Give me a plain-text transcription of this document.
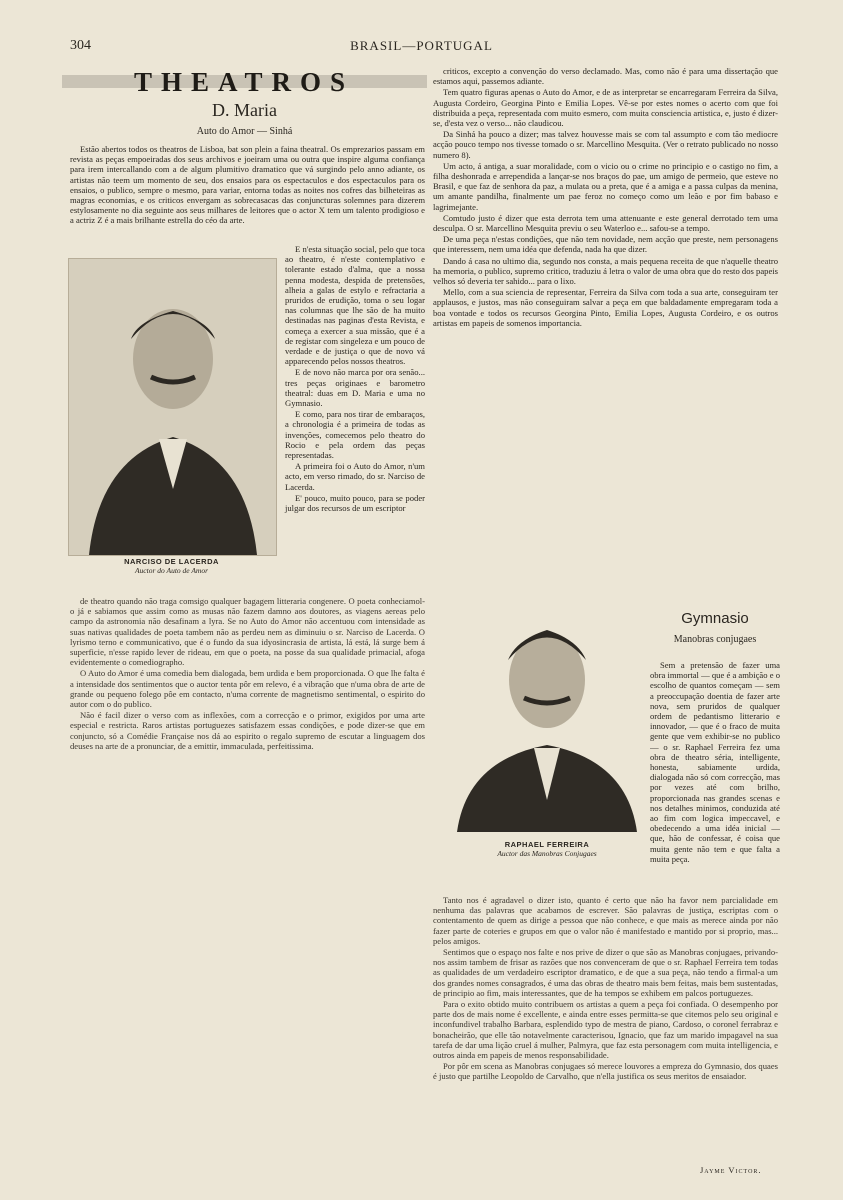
304	BRASIL—PORTUGAL
THEATROS
D. Maria
Auto do Amor — Sinhá

Estão abertos todos os theatros de Lisboa, bat son plein a faina theatral. Os emprezarios passam em revista as peças empoeiradas dos seus archivos e joeiram uma ou outra que inspire alguma confiança para irem intercallando com a de algum plumitivo dramatico que vá surgindo pelo anno adiante, os artistas não teem um momento de seu, dos ensaios para os espectaculos e dos espectaculos para os ensaios, o publico, sempre o mesmo, para variar, entorna todas as noites nos cofres das bilheteiras as magras economias, e os criticos envergam as sobrecasacas das conjuncturas solemnes para dizerem estylosamente no dia seguinte aos seus milhares de leitores que o actor X tem um talento prodigioso e a actriz Z é a mais brilhante estrella do céo da arte.

NARCISO DE LACERDA
Auctor do Auto de Amor

E n'esta situação social, pelo que toca ao theatro, é n'este contemplativo e tolerante estado d'alma, que a nossa penna modesta, despida de pretensões, alheia a galas de estylo e refractaria a pruridos de erudição, toma o seu logar nas columnas que lhe são de ha muito destinadas nas paginas d'esta Revista, e começa a exercer a sua missão, que é a de registar com singeleza e um pouco de verdade e de justiça o que de novo vá apparecendo pelos nossos theatros.

E de novo não marca por ora senão... tres peças originaes e barometro theatral: duas em D. Maria e uma no Gymnasio.

E como, para nos tirar de embaraços, a chronologia é a primeira de todas as invenções, comecemos pelo theatro do Rocio e pela ordem das peças representadas.

A primeira foi o Auto do Amor, n'um acto, em verso rimado, do sr. Narciso de Lacerda.

E' pouco, muito pouco, para se poder julgar dos recursos de um escriptor

de theatro quando não traga comsigo qualquer bagagem litteraria congenere. O poeta conheciamol-o já e sabiamos que assim como as musas não fazem damno aos doutores, as viagens aereas pelo campo da astronomia não desafinam a lyra. Se no Auto do Amor não accentuou com intensidade as suas nativas qualidades de poeta tambem não as perdeu nem as diminuiu o sr. Narciso de Lacerda. O lyrismo terno e communicativo, que é o fundo da sua idyosincrasia de artista, lá está, lá surge bem á superficie, n'esse rapido lever de rideau, em que o poeta, na posse da sua qualidade primacial, afoga evidentemente o comediographo.

O Auto do Amor é uma comedia bem dialogada, bem urdida e bem proporcionada. O que lhe falta é a intensidade dos sentimentos que o auctor tenta pôr em relevo, é a vibração que n'uma obra de arte de grande ou pequeno folego pôe em contacto, n'uma corrente de magnetismo sentimental, o espirito do autor com o do publico.

Não é facil dizer o verso com as inflexões, com a correcção e o primor, exigidos por uma arte especial e restricta. Raros artistas portuguezes satisfazem essas condições, e pode dizer-se que em conjuncto, só a Comédie Française nos dá ao espirito o regalo supremo de escutar a linguagem dos deuses na arte de a pronunciar, de a emittir, immaculada, perfeitissima.

criticos, excepto a convenção do verso declamado. Mas, como não é para uma dissertação que estamos aqui, passemos adiante.

Tem quatro figuras apenas o Auto do Amor, e de as interpretar se encarregaram Ferreira da Silva, Augusta Cordeiro, Georgina Pinto e Emilia Lopes. Vê-se por estes nomes o acerto com que foi distribuida a peça, representada com muito esmero, com muita consciencia artistica, e, justo é dizer-se, d'esta vez o verso... não claudicou.

Da Sinhá ha pouco a dizer; mas talvez houvesse mais se com tal assumpto e com tão mediocre acção pouco tempo nos tivesse tomado o sr. Marcellino Mesquita. (Ver o retrato publicado no nosso numero 8).

Um acto, á antiga, a suar moralidade, com o vicio ou o crime no principio e o castigo no fim, a filha deshonrada e arrependida a lançar-se nos braços do pae, um amigo de permeio, que esteve no Brasil, e que faz de senhora da paz, a mulata ou a preta, que é a amiga e a passa culpas da menina, um amante pandilha, finalmente um pae feroz no começo como um leão e por fim babaso e lagrimejante.

Comtudo justo é dizer que esta derrota tem uma attenuante e este general derrotado tem uma desculpa. O sr. Marcellino Mesquita previu o seu Waterloo e... safou-se a tempo.

De uma peça n'estas condições, que não tem novidade, nem acção que preste, nem personagens que interessem, nem uma idéa que defenda, nada ha que dizer.

Dando á casa no ultimo dia, segundo nos consta, a mais pequena receita de que n'aquelle theatro ha memoria, o publico, supremo critico, traduziu á letra o valor de uma obra que do resto dos papeis velhos só deveria ter sahido... para o lixo.

Mello, com a sua sciencia de representar, Ferreira da Silva com toda a sua arte, conseguiram ter applausos, e justos, mas não conseguiram salvar a peça em que baldadamente empregaram toda a boa vontade e todos os recursos Georgina Pinto, Emilia Lopes, Augusta Cordeiro, e os outros artistas em papeis de somenos importancia.

Gymnasio
Manobras conjugaes
RAPHAEL FERREIRA
Auctor das Manobras Conjugaes

Sem a pretensão de fazer uma obra immortal — que é a ambição e o escolho de quantos começam — sem a preoccupação doentia de fazer arte nova, sem pruridos de qualquer ordem de pedantismo litterario e innovador, — que é o fraco de muita gente que vem exhibir-se no publico — o sr. Raphael Ferreira fez uma obra de theatro séria, intelligente, honesta, sabiamente urdida, dialogada não só com correcção, mas por vezes até com brilho, proporcionada nas grandes scenas e nos detalhes minimos, conduzida até ao fim com logica impeccavel, e obedecendo a uma idéa inicial — que, hão de confessar, é coisa que muita gente não tem e que falta a muita peça.

Tanto nos é agradavel o dizer isto, quanto é certo que não ha favor nem parcialidade em nenhuma das palavras que acabamos de escrever. São palavras de justiça, escriptas com o contentamento de quem as dirige a pessoa que não conhece, e que mais as merece ainda por não fazer parte de coteries e grupos em que o valor não é manifestado e mantido por si proprio, mas... pelos amigos.

Sentimos que o espaço nos falte e nos prive de dizer o que são as Manobras conjugaes, privando-nos assim tambem de frisar as razões que nos convenceram de que o sr. Raphael Ferreira tem todas as qualidades de um verdadeiro escriptor dramatico, e de que a sua peça, não tendo a firmal-a um dos grandes nomes consagrados, é uma das obras de theatro mais bem feitas, mais bem sustentadas, de principio ao fim, mais interessantes, que de ha tempos se exhibem em palcos portuguezes.

Para o exito obtido muito contribuem os artistas a quem a peça foi confiada. O desempenho por parte dos de mais nome é excellente, e ainda entre esses permitta-se que citemos pelo seu original e inconfundivel trabalho Barbara, esplendido typo de mestra de piano, Cardoso, o coronel ferrabraz e bonacheirão, que elle tão notavelmente caracterisou, Ignacio, que faz um marido impagavel na sua tarefa de dar uma lição cruel á mulher, Palmyra, que faz esta personagem com muita intelligencia, e outros ainda em papeis de menos responsabilidade.

Por pôr em scena as Manobras conjugaes só merece louvores a empreza do Gymnasio, dos quaes é justo que partilhe Leopoldo de Carvalho, que n'ella justifica os seus meritos de ensaiador.

Jayme Victor.
